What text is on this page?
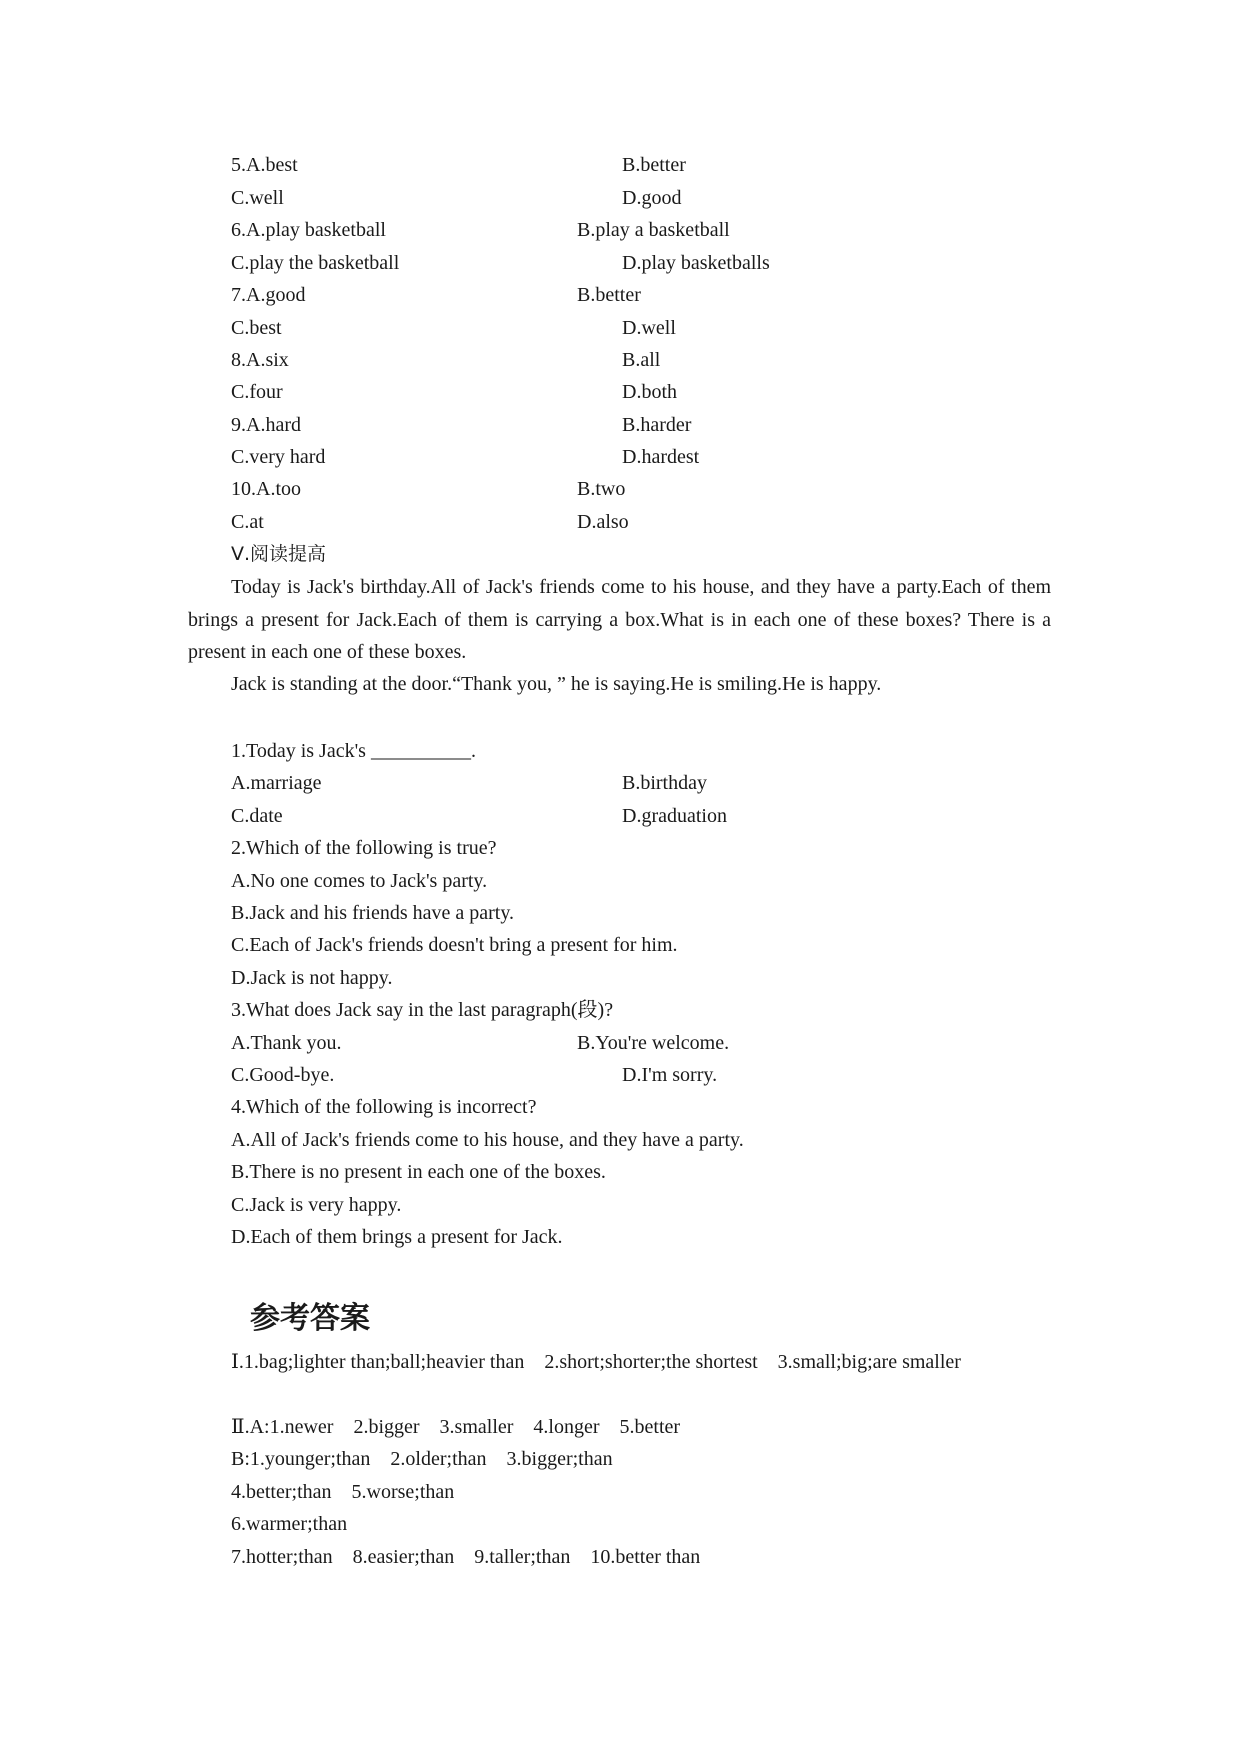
5.A.best	B.better
C.well	D.good
6.A.play basketball	B.play a basketball
C.play the basketball	D.play basketballs
7.A.good	B.better
C.best	D.well
8.A.six	B.all
C.four	D.both
9.A.hard	B.harder
C.very hard	D.hardest
10.A.too	B.two
C.at	D.also
Ⅴ.阅读提高
Today is Jack's birthday.All of Jack's friends come to his house, and they have a party.Each of them brings a present for Jack.Each of them is carrying a box.What is in each one of these boxes? There is a present in each one of these boxes.
Jack is standing at the door.“Thank you, ” he is saying.He is smiling.He is happy.
1.Today is Jack's __________.
A.marriage	B.birthday
C.date	D.graduation
2.Which of the following is true?
A.No one comes to Jack's party.
B.Jack and his friends have a party.
C.Each of Jack's friends doesn't bring a present for him.
D.Jack is not happy.
3.What does Jack say in the last paragraph(段)?
A.Thank you.	B.You're welcome.
C.Good-bye.	D.I'm sorry.
4.Which of the following is incorrect?
A.All of Jack's friends come to his house, and they have a party.
B.There is no present in each one of the boxes.
C.Jack is very happy.
D.Each of them brings a present for Jack.
参考答案
Ⅰ.1.bag;lighter than;ball;heavier than    2.short;shorter;the shortest    3.small;big;are smaller
Ⅱ.A:1.newer    2.bigger    3.smaller    4.longer    5.better
B:1.younger;than    2.older;than    3.bigger;than
4.better;than    5.worse;than
6.warmer;than
7.hotter;than    8.easier;than    9.taller;than    10.better than
